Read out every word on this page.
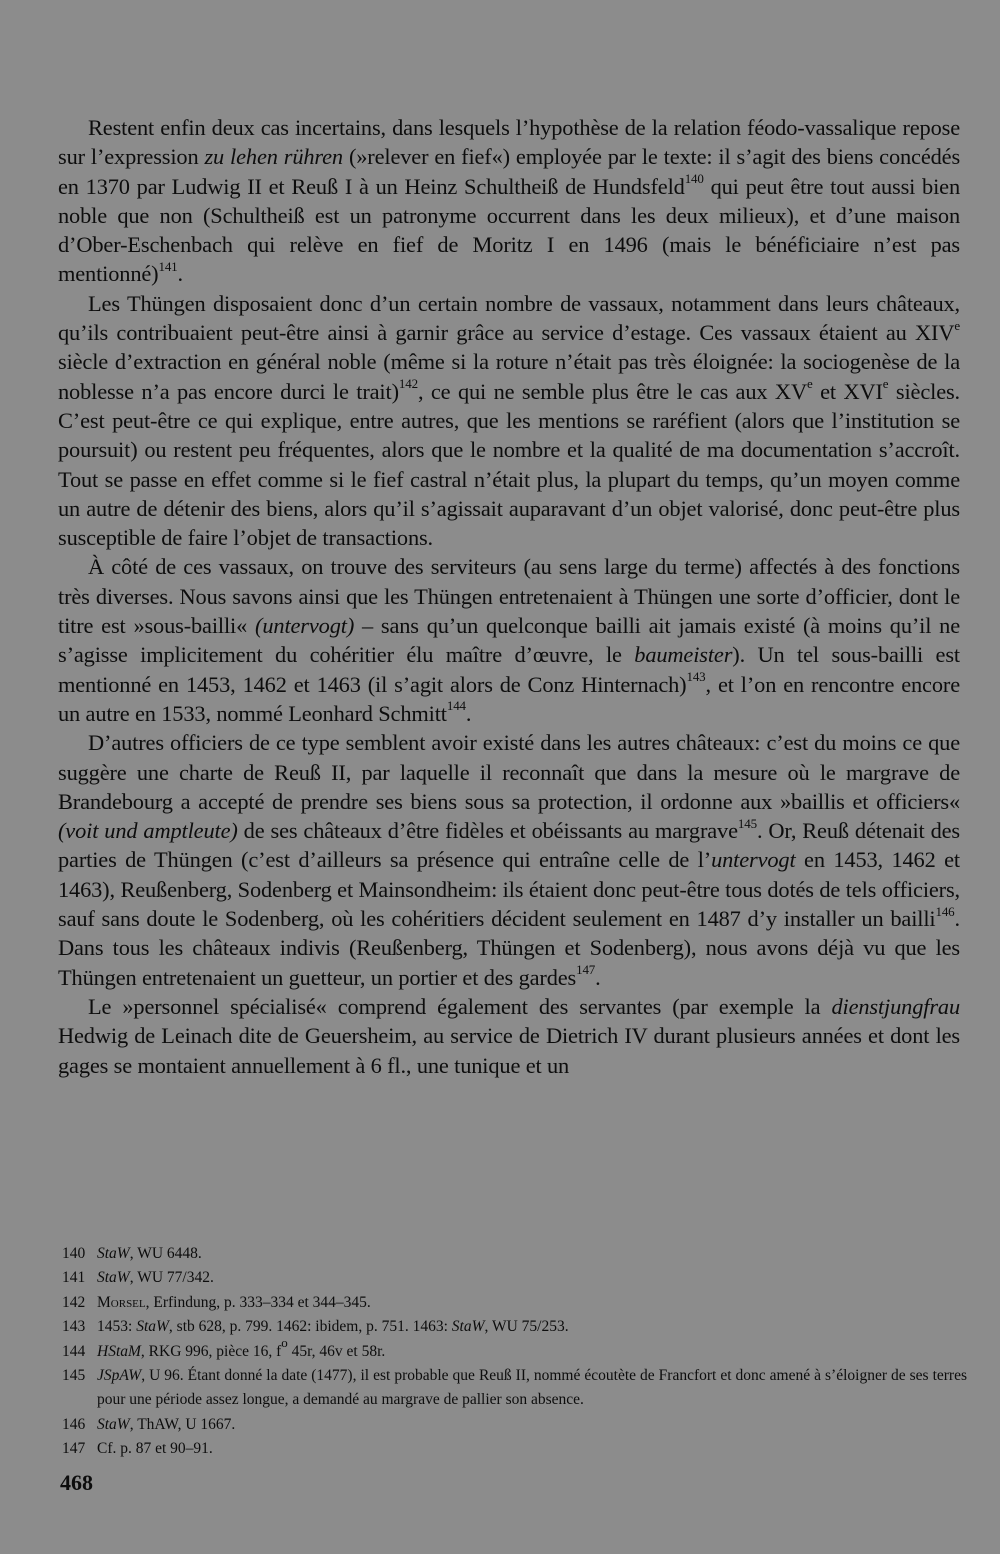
Restent enfin deux cas incertains, dans lesquels l’hypothèse de la relation féodo-vassalique repose sur l’expression zu lehen rühren (»relever en fief«) employée par le texte: il s’agit des biens concédés en 1370 par Ludwig II et Reuß I à un Heinz Schultheiß de Hundsfeld$^{140}$ qui peut être tout aussi bien noble que non (Schultheiß est un patronyme occurrent dans les deux milieux), et d’une maison d’Ober-Eschenbach qui relève en fief de Moritz I en 1496 (mais le bénéficiaire n’est pas mentionné)$^{141}$.

Les Thüngen disposaient donc d’un certain nombre de vassaux, notamment dans leurs châteaux, qu’ils contribuaient peut-être ainsi à garnir grâce au service d’estage. Ces vassaux étaient au XIVe siècle d’extraction en général noble (même si la roture n’était pas très éloignée: la sociogenèse de la noblesse n’a pas encore durci le trait)$^{142}$, ce qui ne semble plus être le cas aux XVe et XVIe siècles. C’est peut-être ce qui explique, entre autres, que les mentions se raréfient (alors que l’institution se poursuit) ou restent peu fréquentes, alors que le nombre et la qualité de ma documentation s’accroît. Tout se passe en effet comme si le fief castral n’était plus, la plupart du temps, qu’un moyen comme un autre de détenir des biens, alors qu’il s’agissait auparavant d’un objet valorisé, donc peut-être plus susceptible de faire l’objet de transactions.

À côté de ces vassaux, on trouve des serviteurs (au sens large du terme) affectés à des fonctions très diverses. Nous savons ainsi que les Thüngen entretenaient à Thüngen une sorte d’officier, dont le titre est »sous-bailli« (untervogt) – sans qu’un quelconque bailli ait jamais existé (à moins qu’il ne s’agisse implicitement du cohéritier élu maître d’œuvre, le baumeister). Un tel sous-bailli est mentionné en 1453, 1462 et 1463 (il s’agit alors de Conz Hinternach)$^{143}$, et l’on en rencontre encore un autre en 1533, nommé Leonhard Schmitt$^{144}$.

D’autres officiers de ce type semblent avoir existé dans les autres châteaux: c’est du moins ce que suggère une charte de Reuß II, par laquelle il reconnaît que dans la mesure où le margrave de Brandebourg a accepté de prendre ses biens sous sa protection, il ordonne aux »baillis et officiers« (voit und amptleute) de ses châteaux d’être fidèles et obéissants au margrave$^{145}$. Or, Reuß détenait des parties de Thüngen (c’est d’ailleurs sa présence qui entraîne celle de l’untervogt en 1453, 1462 et 1463), Reußenberg, Sodenberg et Mainsondheim: ils étaient donc peut-être tous dotés de tels officiers, sauf sans doute le Sodenberg, où les cohéritiers décident seulement en 1487 d’y installer un bailli$^{146}$. Dans tous les châteaux indivis (Reußenberg, Thüngen et Sodenberg), nous avons déjà vu que les Thüngen entretenaient un guetteur, un portier et des gardes$^{147}$.

Le »personnel spécialisé« comprend également des servantes (par exemple la dienstjungfrau Hedwig de Leinach dite de Geuersheim, au service de Dietrich IV durant plusieurs années et dont les gages se montaient annuellement à 6 fl., une tunique et un

140 StaW, WU 6448.
141 StaW, WU 77/342.
142 Morsel, Erfindung, p. 333–334 et 344–345.
143 1453: StaW, stb 628, p. 799. 1462: ibidem, p. 751. 1463: StaW, WU 75/253.
144 HStaM, RKG 996, pièce 16, $f^o$ 45r, 46v et 58r.
145 JSpAW, U 96. Étant donné la date (1477), il est probable que Reuß II, nommé écoutète de Francfort et donc amené à s’éloigner de ses terres pour une période assez longue, a demandé au margrave de pallier son absence.
146 StaW, ThAW, U 1667.
147 Cf. p. 87 et 90–91.
468
